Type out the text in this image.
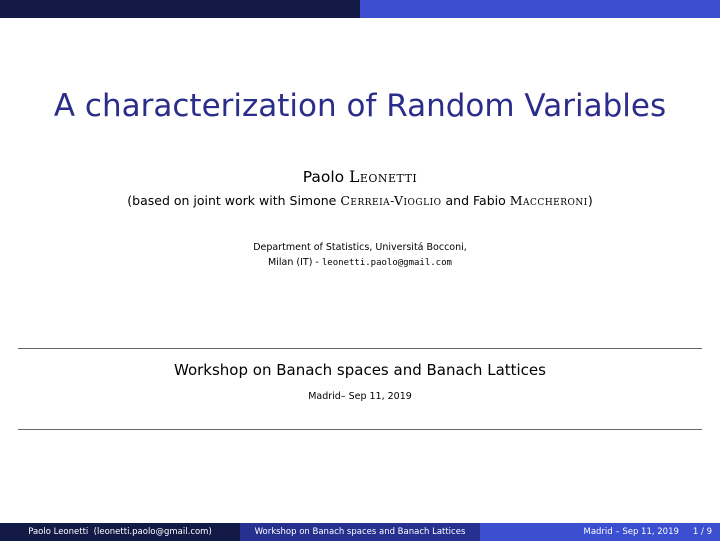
A characterization of Random Variables
Paolo Leonetti
(based on joint work with Simone Cerreia-Vioglio and Fabio Maccheroni)
Department of Statistics, Universitá Bocconi,
Milan (IT) - leonetti.paolo@gmail.com
Workshop on Banach spaces and Banach Lattices
Madrid– Sep 11, 2019
Paolo Leonetti  (leonetti.paolo@gmail.com)	Workshop on Banach spaces and Banach Lattices	Madrid – Sep 11, 2019 1 / 9
